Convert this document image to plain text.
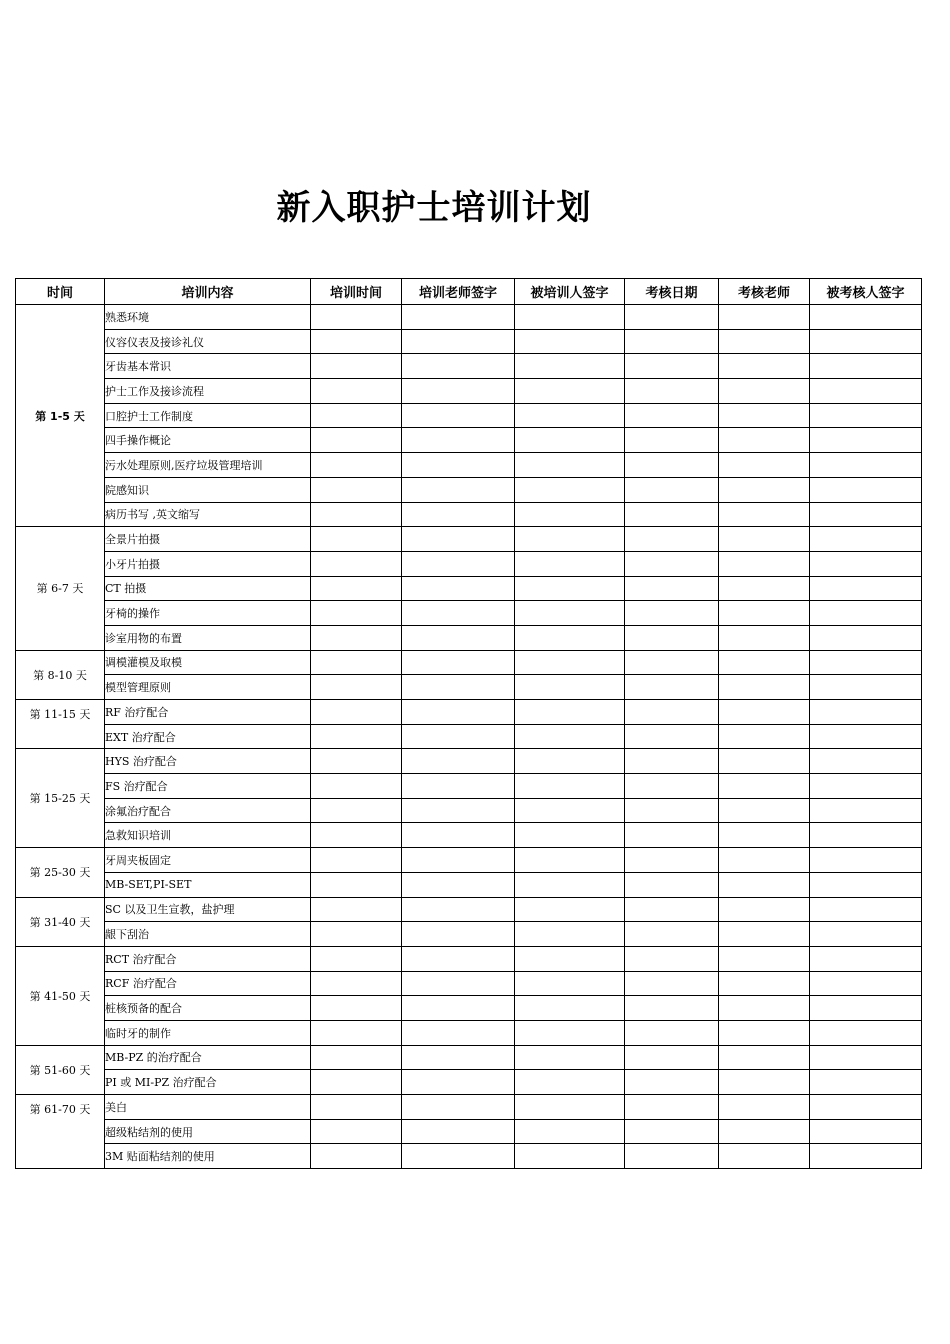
新入职护士培训计划
时间	培训内容	培训时间	培训老师签字	被培训人签字	考核日期	考核老师	被考核人签字
第 1-5 天	熟悉环境						
	仪容仪表及接诊礼仪						
	牙齿基本常识						
	护士工作及接诊流程						
	口腔护士工作制度						
	四手操作概论						
	污水处理原则,医疗垃圾管理培训						
	院感知识						
	病历书写 ,英文缩写						
第 6-7 天	全景片拍摄						
	小牙片拍摄						
	CT 拍摄						
	牙椅的操作						
	诊室用物的布置						
第 8-10 天	调模灌模及取模						
	模型管理原则						
第 11-15 天	RF 治疗配合						
	EXT 治疗配合						
第 15-25 天	HYS 治疗配合						
	FS 治疗配合						
	涂氟治疗配合						
	急救知识培训						
第 25-30 天	牙周夹板固定						
	MB-SET,PI-SET						
第 31-40 天	SC 以及卫生宣教，盐护理						
	龈下刮治						
第 41-50 天	RCT 治疗配合						
	RCF 治疗配合						
	桩核预备的配合						
	临时牙的制作						
第 51-60 天	MB-PZ 的治疗配合						
	PI 或 MI-PZ 治疗配合						
第 61-70 天	美白						
	超级粘结剂的使用						
	3M 贴面粘结剂的使用						
